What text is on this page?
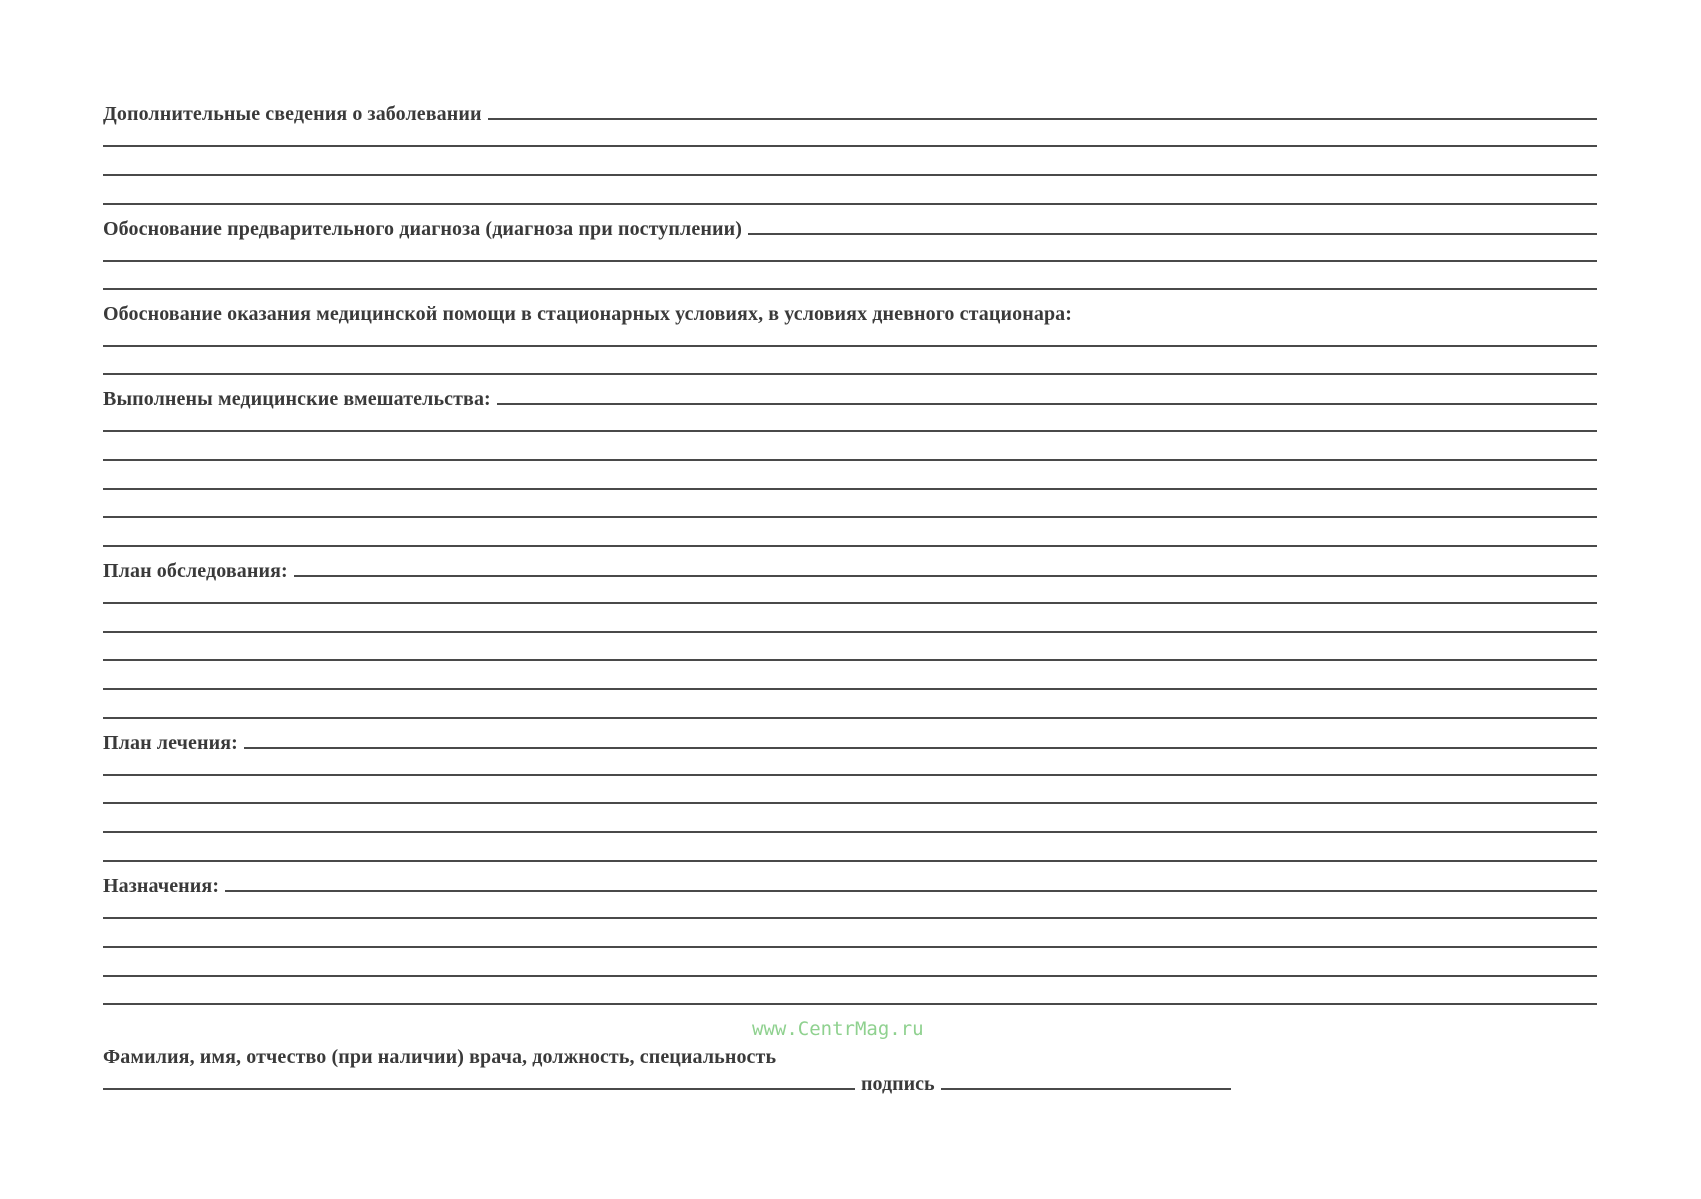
Дополнительные сведения о заболевании
Обоснование предварительного диагноза (диагноза при поступлении)
Обоснование оказания медицинской помощи в стационарных условиях, в условиях дневного стационара:
Выполнены медицинские вмешательства:
План обследования:
План лечения:
Назначения:
Фамилия, имя, отчество (при наличии) врача, должность, специальность
подпись
www.CentrMag.ru
